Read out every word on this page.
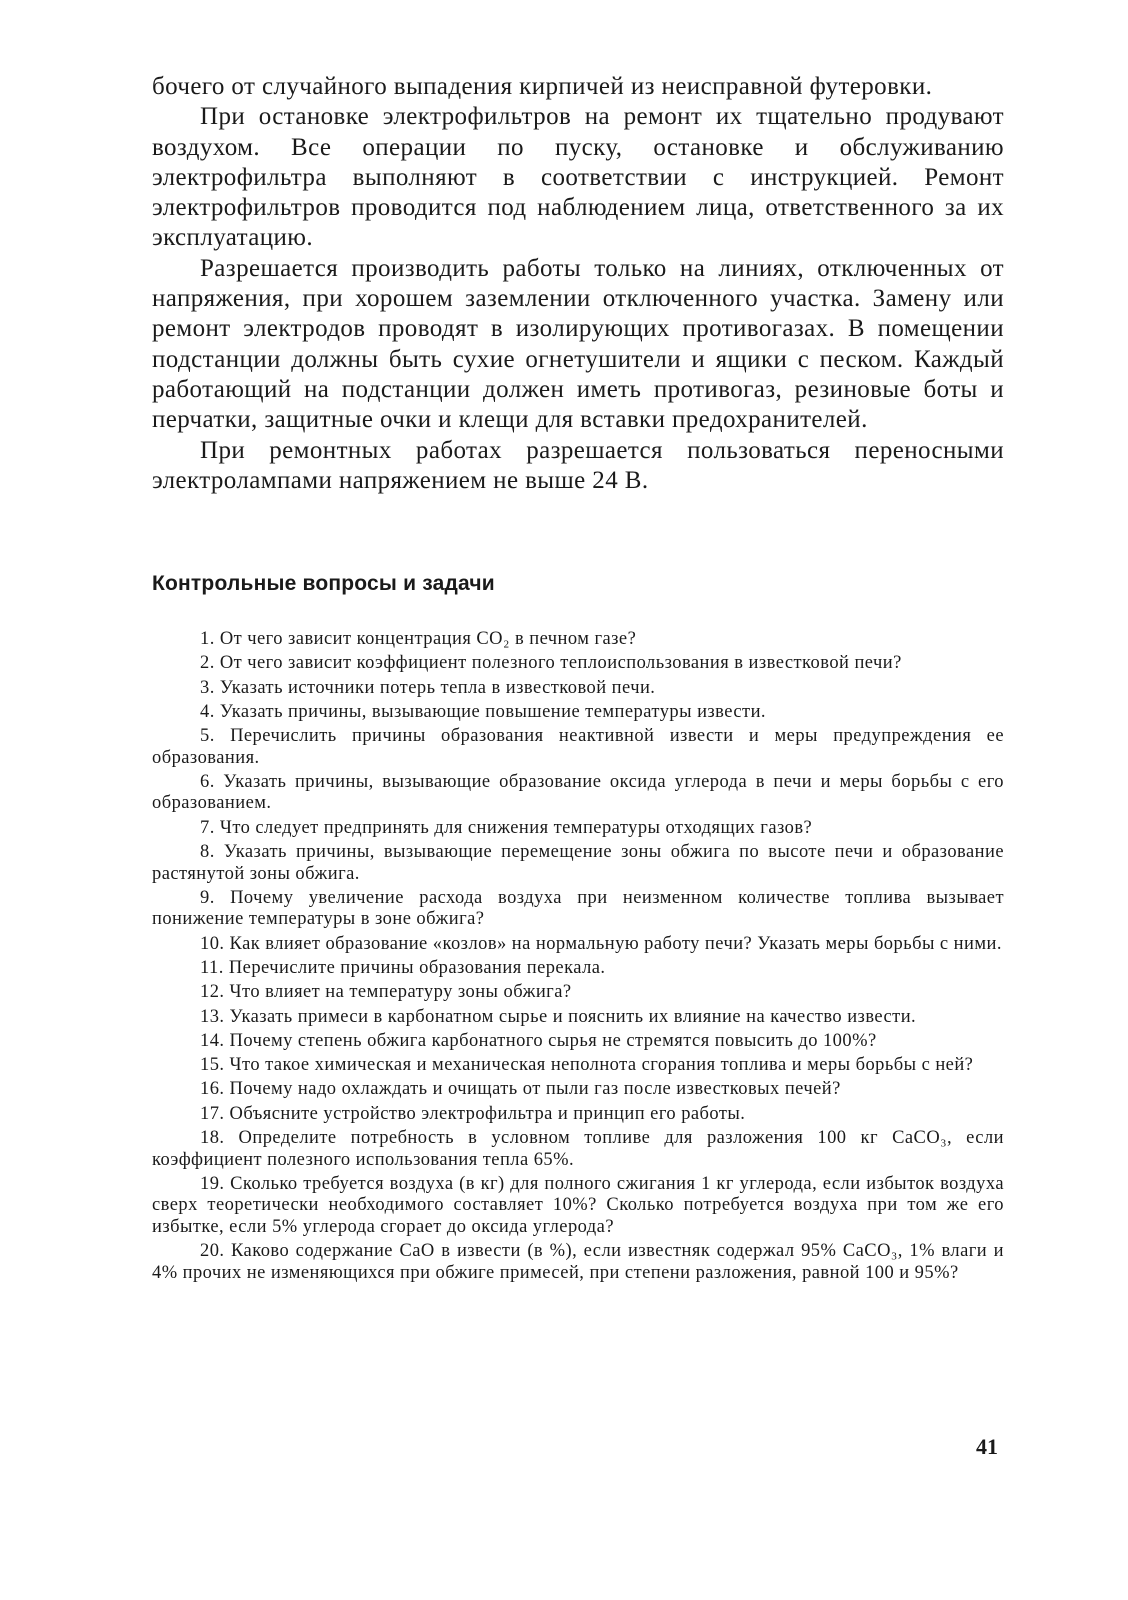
бочего от случайного выпадения кирпичей из неисправной футеровки.

При остановке электрофильтров на ремонт их тщательно продувают воздухом. Все операции по пуску, остановке и обслуживанию электрофильтра выполняют в соответствии с инструкцией. Ремонт электрофильтров проводится под наблюдением лица, ответственного за их эксплуатацию.

Разрешается производить работы только на линиях, отключенных от напряжения, при хорошем заземлении отключенного участка. Замену или ремонт электродов проводят в изолирующих противогазах. В помещении подстанции должны быть сухие огнетушители и ящики с песком. Каждый работающий на подстанции должен иметь противогаз, резиновые боты и перчатки, защитные очки и клещи для вставки предохранителей.

При ремонтных работах разрешается пользоваться переносными электролампами напряжением не выше 24 В.

Контрольные вопросы и задачи

1. От чего зависит концентрация CO₂ в печном газе?

2. От чего зависит коэффициент полезного теплоиспользования в известковой печи?

3. Указать источники потерь тепла в известковой печи.

4. Указать причины, вызывающие повышение температуры извести.

5. Перечислить причины образования неактивной извести и меры предупреждения ее образования.

6. Указать причины, вызывающие образование оксида углерода в печи и меры борьбы с его образованием.

7. Что следует предпринять для снижения температуры отходящих газов?

8. Указать причины, вызывающие перемещение зоны обжига по высоте печи и образование растянутой зоны обжига.

9. Почему увеличение расхода воздуха при неизменном количестве топлива вызывает понижение температуры в зоне обжига?

10. Как влияет образование «козлов» на нормальную работу печи? Указать меры борьбы с ними.

11. Перечислите причины образования перекала.

12. Что влияет на температуру зоны обжига?

13. Указать примеси в карбонатном сырье и пояснить их влияние на качество извести.

14. Почему степень обжига карбонатного сырья не стремятся повысить до 100%?

15. Что такое химическая и механическая неполнота сгорания топлива и меры борьбы с ней?

16. Почему надо охлаждать и очищать от пыли газ после известковых печей?

17. Объясните устройство электрофильтра и принцип его работы.

18. Определите потребность в условном топливе для разложения 100 кг CaCO₃, если коэффициент полезного использования тепла 65%.

19. Сколько требуется воздуха (в кг) для полного сжигания 1 кг углерода, если избыток воздуха сверх теоретически необходимого составляет 10%? Сколько потребуется воздуха при том же его избытке, если 5% углерода сгорает до оксида углерода?

20. Каково содержание CaO в извести (в %), если известняк содержал 95% CaCO₃, 1% влаги и 4% прочих не изменяющихся при обжиге примесей, при степени разложения, равной 100 и 95%?

41
